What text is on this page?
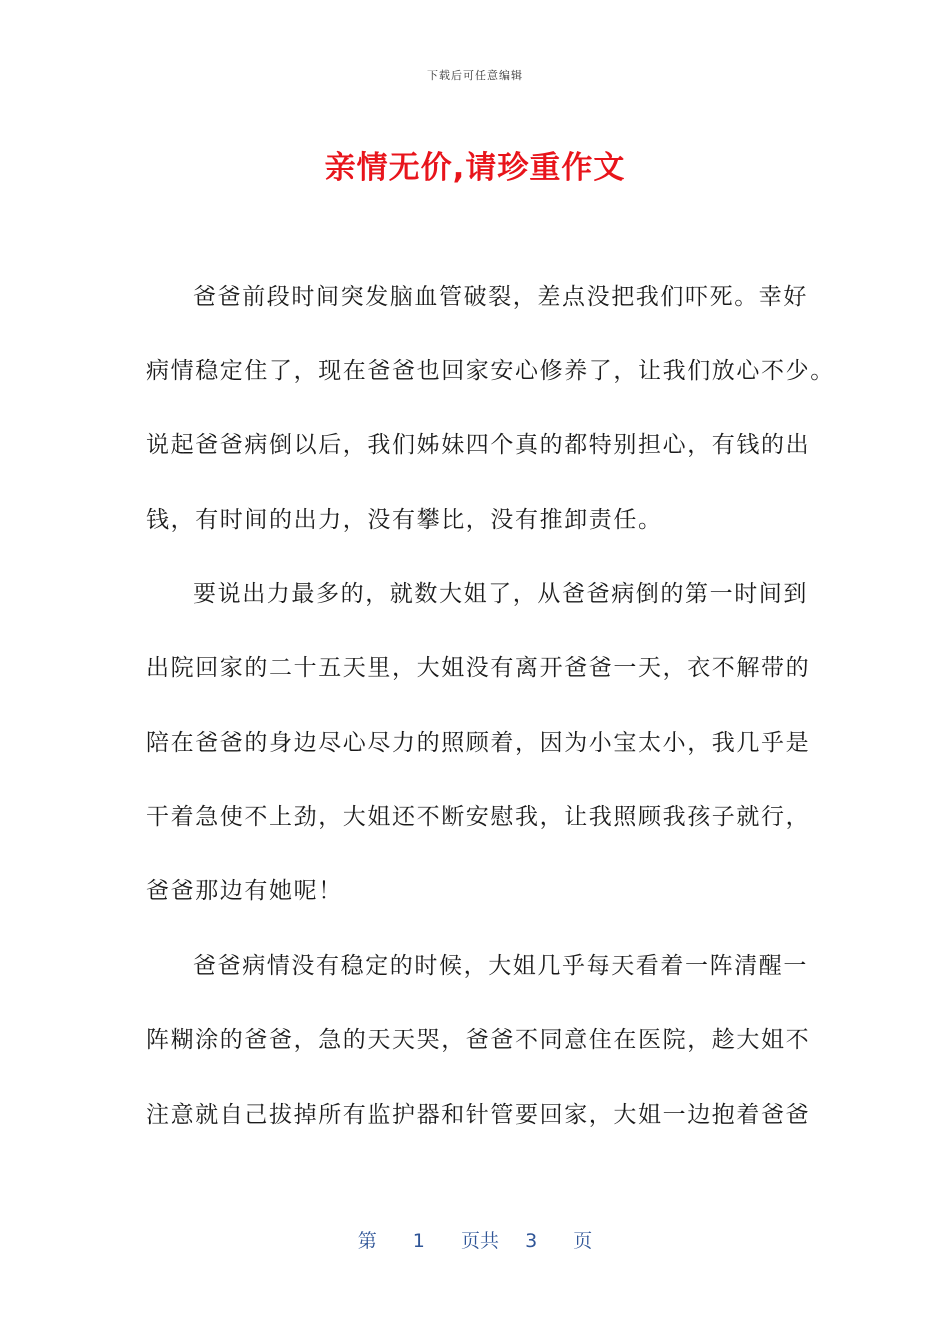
下载后可任意编辑
亲情无价,请珍重作文
爸爸前段时间突发脑血管破裂，差点没把我们吓死。幸好
病情稳定住了，现在爸爸也回家安心修养了，让我们放心不少。
说起爸爸病倒以后，我们姊妹四个真的都特别担心，有钱的出
钱，有时间的出力，没有攀比，没有推卸责任。
要说出力最多的，就数大姐了，从爸爸病倒的第一时间到
出院回家的二十五天里，大姐没有离开爸爸一天，衣不解带的
陪在爸爸的身边尽心尽力的照顾着，因为小宝太小，我几乎是
干着急使不上劲，大姐还不断安慰我，让我照顾我孩子就行，
爸爸那边有她呢！
爸爸病情没有稳定的时候，大姐几乎每天看着一阵清醒一
阵糊涂的爸爸，急的天天哭，爸爸不同意住在医院，趁大姐不
注意就自己拔掉所有监护器和针管要回家，大姐一边抱着爸爸
第 1 页共 3 页
